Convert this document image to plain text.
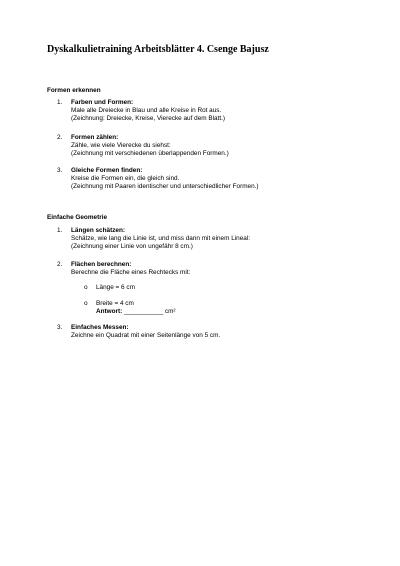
Dyskalkulietraining Arbeitsblätter 4. Csenge Bajusz
Formen erkennen
1. Farben und Formen:
Male alle Dreiecke in Blau und alle Kreise in Rot aus.
(Zeichnung: Dreiecke, Kreise, Vierecke auf dem Blatt.)
2. Formen zählen:
Zähle, wie viele Vierecke du siehst:
(Zeichnung mit verschiedenen überlappenden Formen.)
3. Gleiche Formen finden:
Kreise die Formen ein, die gleich sind.
(Zeichnung mit Paaren identischer und unterschiedlicher Formen.)
Einfache Geometrie
1. Längen schätzen:
Schätze, wie lang die Linie ist, und miss dann mit einem Lineal:
(Zeichnung einer Linie von ungefähr 8 cm.)
2. Flächen berechnen:
Berechne die Fläche eines Rechtecks mit:
o Länge = 6 cm
o Breite = 4 cm
Antwort: ___________ cm²
3. Einfaches Messen:
Zeichne ein Quadrat mit einer Seitenlänge von 5 cm.
